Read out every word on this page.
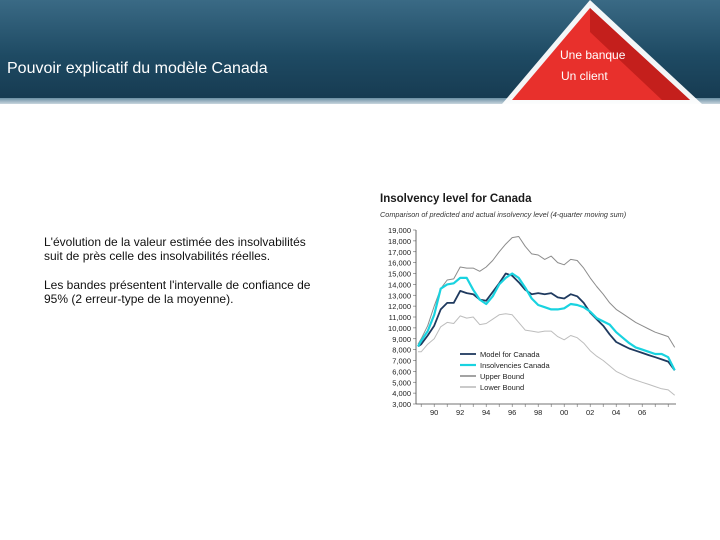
Pouvoir explicatif du modèle Canada
Une banque
Un client
L'évolution de la valeur estimée des insolvabilités suit de près celle des insolvabilités réelles.
Les bandes présentent l'intervalle de confiance de 95% (2 erreur-type de la moyenne).
Insolvency level for Canada
Comparison of predicted and actual insolvency level (4-quarter moving sum)
3,000
4,000
5,000
6,000
7,000
8,000
9,000
10,000
11,000
12,000
13,000
14,000
15,000
16,000
17,000
18,000
19,000
90 92 94 96 98 00 02 04 06
Model for Canada
Insolvencies Canada
Upper Bound
Lower Bound
